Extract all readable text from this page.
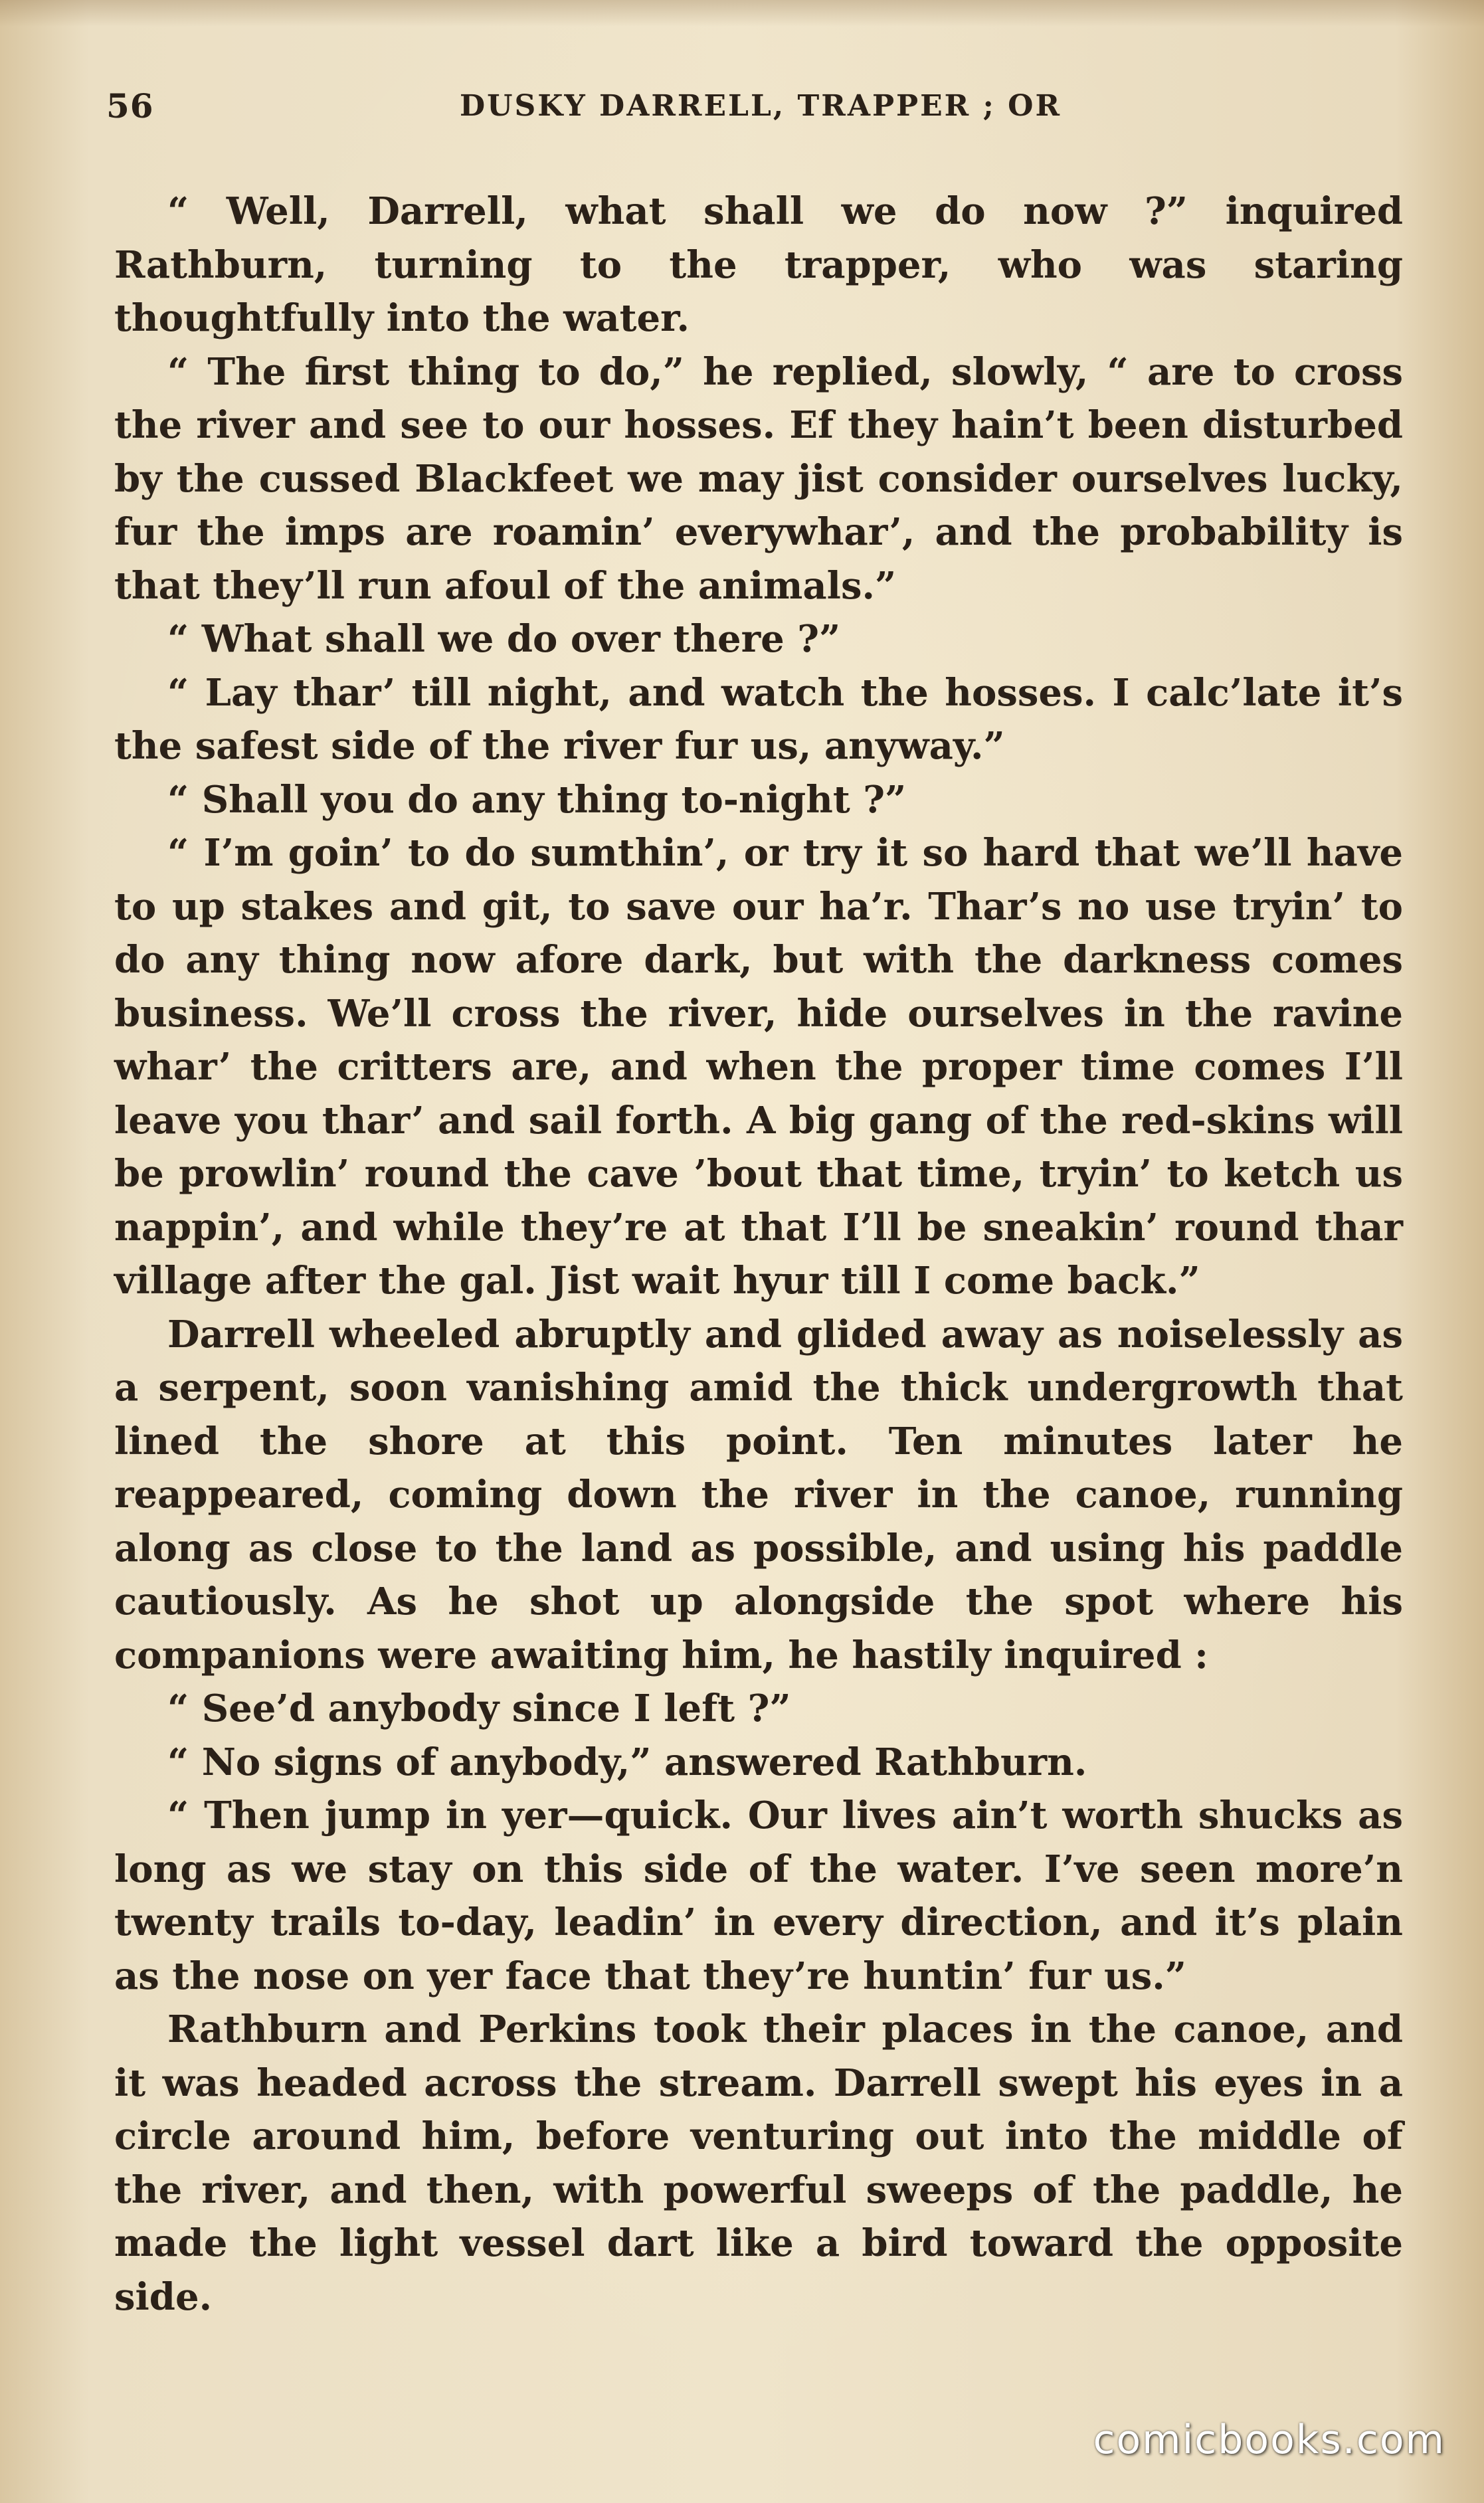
56	DUSKY DARRELL, TRAPPER ; OR

“ Well, Darrell, what shall we do now ?” inquired Rathburn, turning to the trapper, who was staring thoughtfully into the water.

“ The first thing to do,” he replied, slowly, “ are to cross the river and see to our hosses. Ef they hain’t been disturbed by the cussed Blackfeet we may jist consider ourselves lucky, fur the imps are roamin’ everywhar’, and the probability is that they’ll run afoul of the animals.”

“ What shall we do over there ?”

“ Lay thar’ till night, and watch the hosses. I calc’late it’s the safest side of the river fur us, anyway.”

“ Shall you do any thing to-night ?”

“ I’m goin’ to do sumthin’, or try it so hard that we’ll have to up stakes and git, to save our ha’r. Thar’s no use tryin’ to do any thing now afore dark, but with the darkness comes business. We’ll cross the river, hide ourselves in the ravine whar’ the critters are, and when the proper time comes I’ll leave you thar’ and sail forth. A big gang of the red-skins will be prowlin’ round the cave ’bout that time, tryin’ to ketch us nappin’, and while they’re at that I’ll be sneakin’ round thar village after the gal. Jist wait hyur till I come back.”

Darrell wheeled abruptly and glided away as noiselessly as a serpent, soon vanishing amid the thick undergrowth that lined the shore at this point. Ten minutes later he reappeared, coming down the river in the canoe, running along as close to the land as possible, and using his paddle cautiously. As he shot up alongside the spot where his companions were awaiting him, he hastily inquired :

“ See’d anybody since I left ?”

“ No signs of anybody,” answered Rathburn.

“ Then jump in yer—quick. Our lives ain’t worth shucks as long as we stay on this side of the water. I’ve seen more’n twenty trails to-day, leadin’ in every direction, and it’s plain as the nose on yer face that they’re huntin’ fur us.”

Rathburn and Perkins took their places in the canoe, and it was headed across the stream. Darrell swept his eyes in a circle around him, before venturing out into the middle of the river, and then, with powerful sweeps of the paddle, he made the light vessel dart like a bird toward the opposite side.

comicbooks.com
